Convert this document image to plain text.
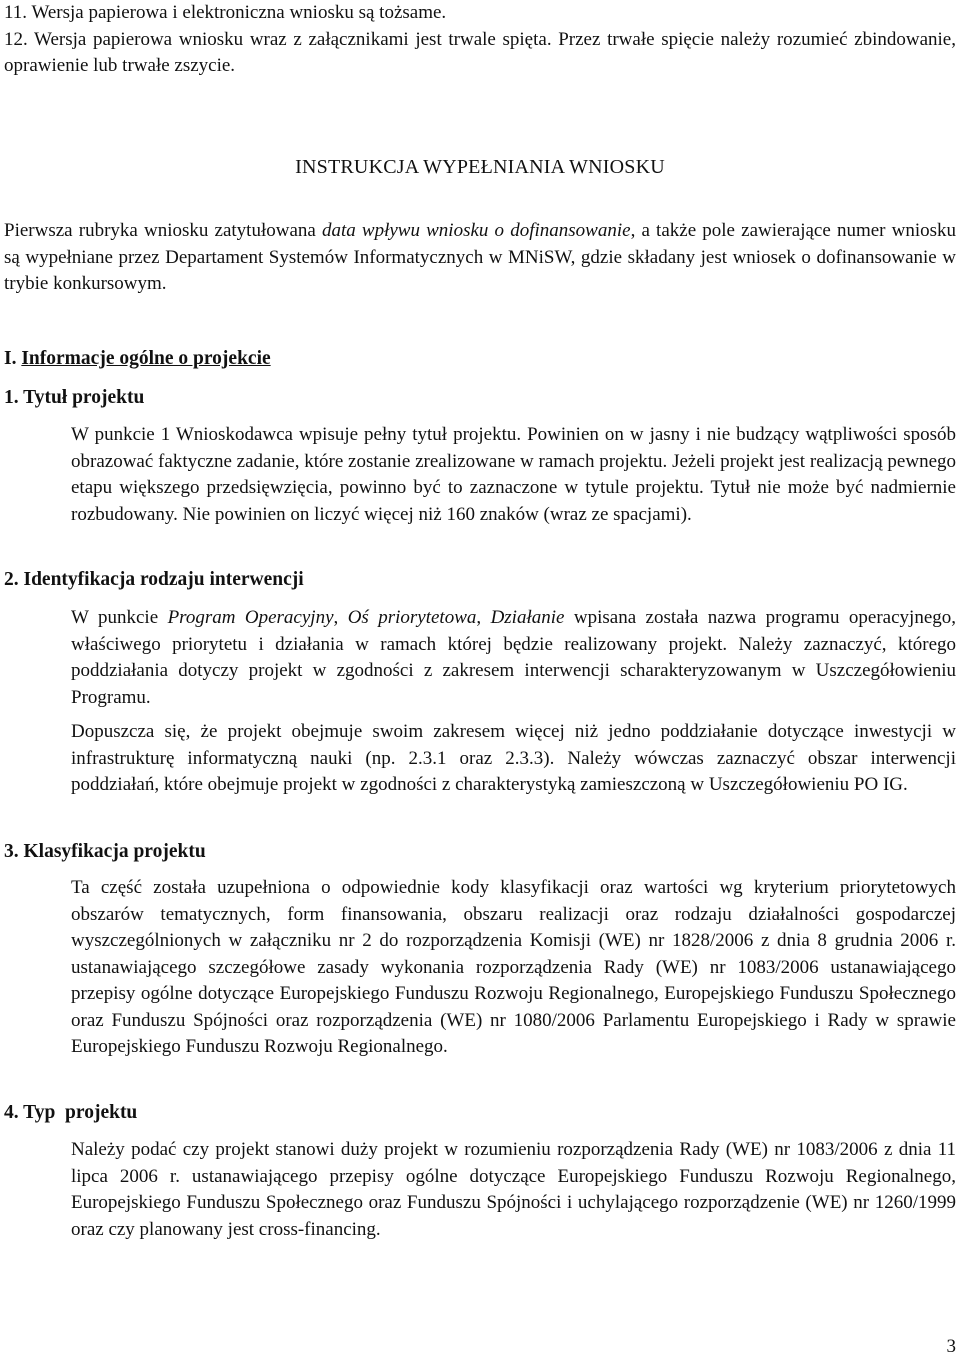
11. Wersja papierowa i elektroniczna wniosku są tożsame.
12. Wersja papierowa wniosku wraz z załącznikami jest trwale spięta. Przez trwałe spięcie należy rozumieć zbindowanie, oprawienie lub trwałe zszycie.
INSTRUKCJA WYPEŁNIANIA WNIOSKU

Pierwsza rubryka wniosku zatytułowana data wpływu wniosku o dofinansowanie, a także pole zawierające numer wniosku są wypełniane przez Departament Systemów Informatycznych w MNiSW, gdzie składany jest wniosek o dofinansowanie w trybie konkursowym.

I. Informacje ogólne o projekcie
1. Tytuł projektu

W punkcie 1 Wnioskodawca wpisuje pełny tytuł projektu. Powinien on w jasny i nie budzący wątpliwości sposób obrazować faktyczne zadanie, które zostanie zrealizowane w ramach projektu. Jeżeli projekt jest realizacją pewnego etapu większego przedsięwzięcia, powinno być to zaznaczone w tytule projektu. Tytuł nie może być nadmiernie rozbudowany. Nie powinien on liczyć więcej niż 160 znaków (wraz ze spacjami).

2. Identyfikacja rodzaju interwencji

W punkcie Program Operacyjny, Oś priorytetowa, Działanie wpisana została nazwa programu operacyjnego, właściwego priorytetu i działania w ramach której będzie realizowany projekt. Należy zaznaczyć, którego poddziałania dotyczy projekt w zgodności z zakresem interwencji scharakteryzowanym w Uszczegółowieniu Programu.

Dopuszcza się, że projekt obejmuje swoim zakresem więcej niż jedno poddziałanie dotyczące inwestycji w infrastrukturę informatyczną nauki (np. 2.3.1 oraz 2.3.3). Należy wówczas zaznaczyć obszar interwencji poddziałań, które obejmuje projekt w zgodności z charakterystyką zamieszczoną w Uszczegółowieniu PO IG.

3. Klasyfikacja projektu

Ta część została uzupełniona o odpowiednie kody klasyfikacji oraz wartości wg kryterium priorytetowych obszarów tematycznych, form finansowania, obszaru realizacji oraz rodzaju działalności gospodarczej wyszczególnionych w załączniku nr 2 do rozporządzenia Komisji (WE) nr 1828/2006 z dnia 8 grudnia 2006 r. ustanawiającego szczegółowe zasady wykonania rozporządzenia Rady (WE) nr 1083/2006 ustanawiającego przepisy ogólne dotyczące Europejskiego Funduszu Rozwoju Regionalnego, Europejskiego Funduszu Społecznego oraz Funduszu Spójności oraz rozporządzenia (WE) nr 1080/2006 Parlamentu Europejskiego i Rady w sprawie Europejskiego Funduszu Rozwoju Regionalnego.

4. Typ  projektu

Należy podać czy projekt stanowi duży projekt w rozumieniu rozporządzenia Rady (WE) nr 1083/2006 z dnia 11 lipca 2006 r. ustanawiającego przepisy ogólne dotyczące Europejskiego Funduszu Rozwoju Regionalnego, Europejskiego Funduszu Społecznego oraz Funduszu Spójności i uchylającego rozporządzenie (WE) nr 1260/1999 oraz czy planowany jest cross-financing.

3
